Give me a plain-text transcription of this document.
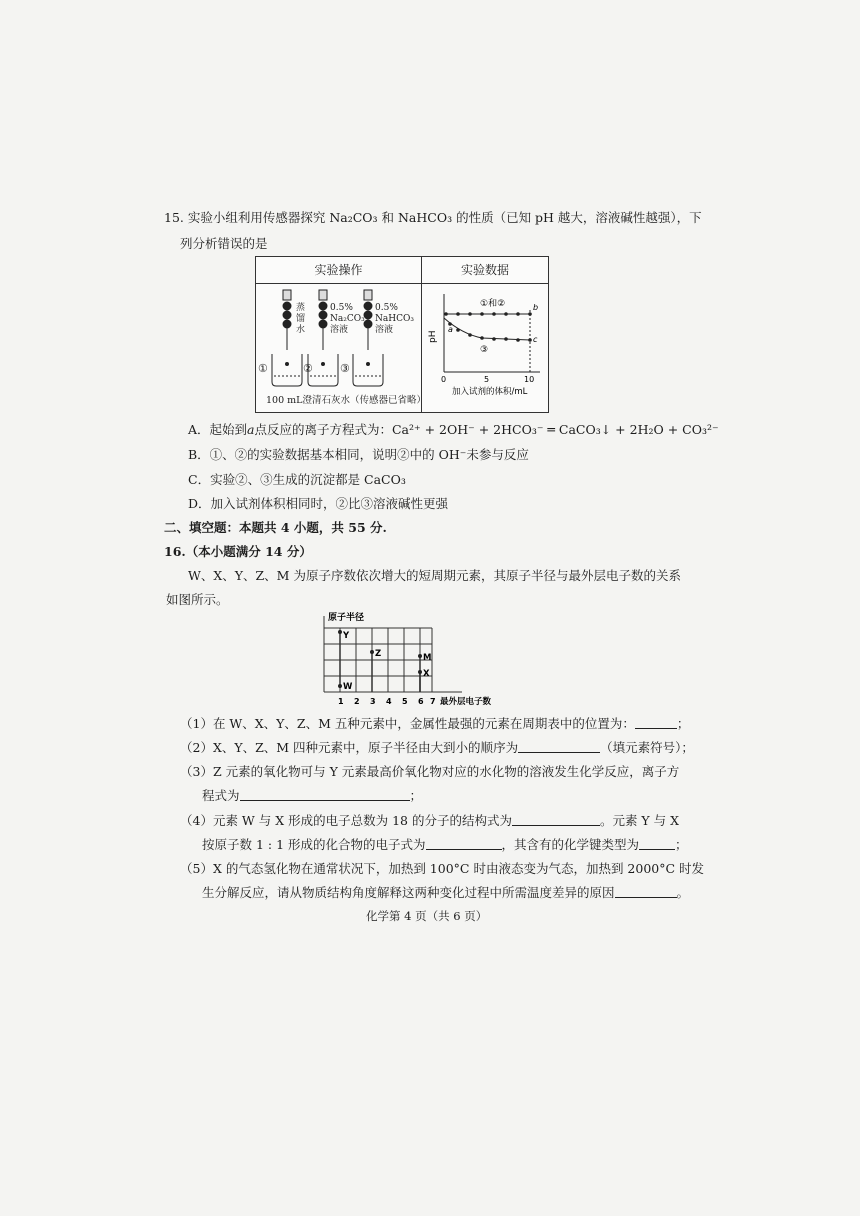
15. 实验小组利用传感器探究 Na₂CO₃ 和 NaHCO₃ 的性质（已知 pH 越大，溶液碱性越强），下
列分析错误的是
实验操作	实验数据
蒸
馏
水
0.5%
Na₂CO₃
溶液
0.5%
NaHCO₃
溶液
①	② ③
100 mL澄清石灰水（传感器已省略）
pH
①和②
③
a
b
c
0	5	10
加入试剂的体积/mL
A．起始到a点反应的离子方程式为：Ca²⁺ + 2OH⁻ + 2HCO₃⁻ ═ CaCO₃↓ + 2H₂O + CO₃²⁻
B．①、②的实验数据基本相同，说明②中的 OH⁻未参与反应
C．实验②、③生成的沉淀都是 CaCO₃
D．加入试剂体积相同时，②比③溶液碱性更强
二、填空题：本题共 4 小题，共 55 分.
16.（本小题满分 14 分）
W、X、Y、Z、M 为原子序数依次增大的短周期元素，其原子半径与最外层电子数的关系
如图所示。
原子半径
Y
Z	M
X
W
1 2 3 4 5 6 7 最外层电子数
（1）在 W、X、Y、Z、M 五种元素中，金属性最强的元素在周期表中的位置为：	；
（2）X、Y、Z、M 四种元素中，原子半径由大到小的顺序为	（填元素符号）；
（3）Z 元素的氧化物可与 Y 元素最高价氧化物对应的水化物的溶液发生化学反应，离子方
程式为	；
（4）元素 W 与 X 形成的电子总数为 18 的分子的结构式为	。元素 Y 与 X
按原子数 1 : 1 形成的化合物的电子式为	，其含有的化学键类型为	；
（5）X 的气态氢化物在通常状况下，加热到 100°C 时由液态变为气态，加热到 2000°C 时发
生分解反应，请从物质结构角度解释这两种变化过程中所需温度差异的原因	。
化学第 4 页（共 6 页）
